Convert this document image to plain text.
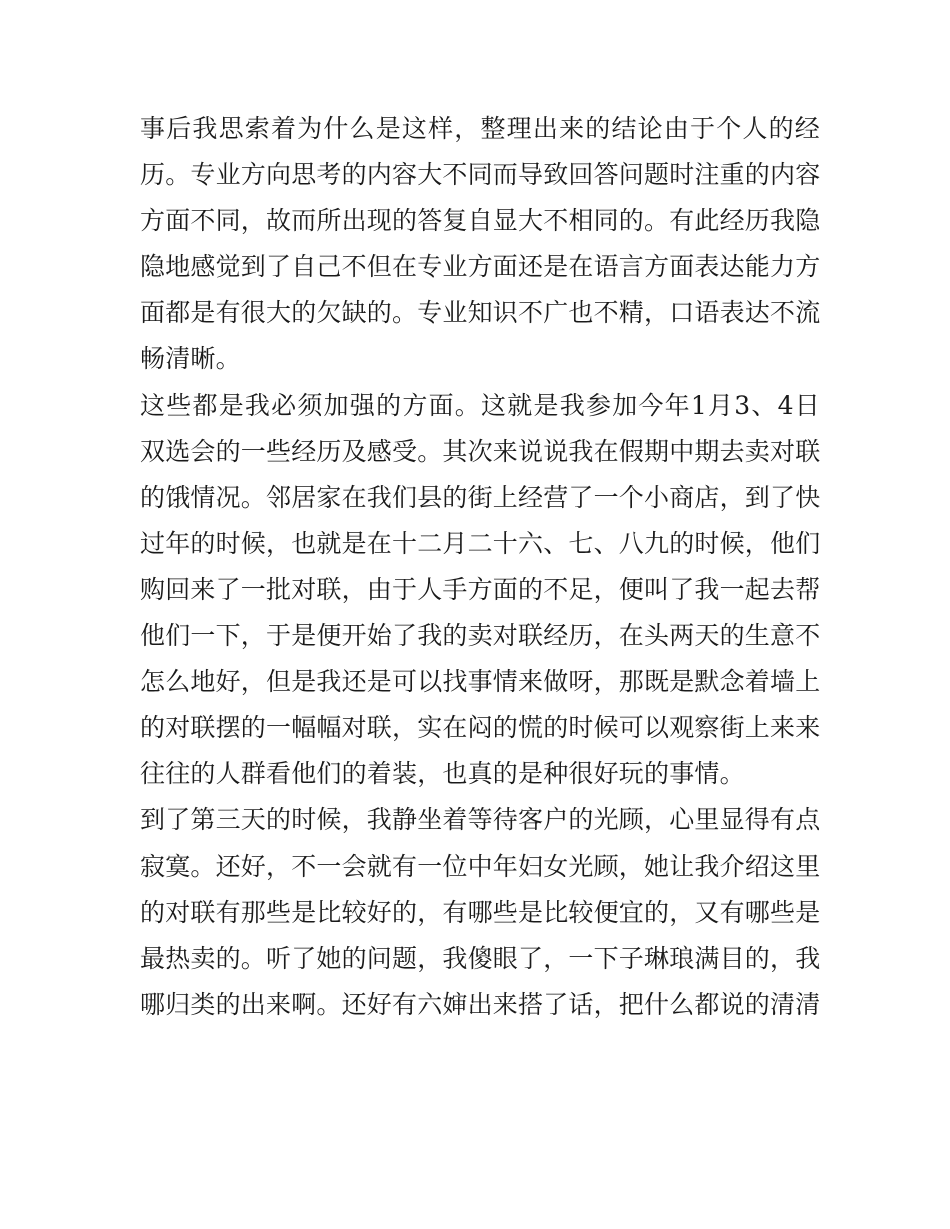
事后我思索着为什么是这样，整理出来的结论由于个人的经
历。专业方向思考的内容大不同而导致回答问题时注重的内容
方面不同，故而所出现的答复自显大不相同的。有此经历我隐
隐地感觉到了自己不但在专业方面还是在语言方面表达能力方
面都是有很大的欠缺的。专业知识不广也不精，口语表达不流
畅清晰。
这些都是我必须加强的方面。这就是我参加今年1月3、4日
双选会的一些经历及感受。其次来说说我在假期中期去卖对联
的饿情况。邻居家在我们县的街上经营了一个小商店，到了快
过年的时候，也就是在十二月二十六、七、八九的时候，他们
购回来了一批对联，由于人手方面的不足，便叫了我一起去帮
他们一下，于是便开始了我的卖对联经历，在头两天的生意不
怎么地好，但是我还是可以找事情来做呀，那既是默念着墙上
的对联摆的一幅幅对联，实在闷的慌的时候可以观察街上来来
往往的人群看他们的着装，也真的是种很好玩的事情。
到了第三天的时候，我静坐着等待客户的光顾，心里显得有点
寂寞。还好，不一会就有一位中年妇女光顾，她让我介绍这里
的对联有那些是比较好的，有哪些是比较便宜的，又有哪些是
最热卖的。听了她的问题，我傻眼了，一下子琳琅满目的，我
哪归类的出来啊。还好有六婶出来搭了话，把什么都说的清清
